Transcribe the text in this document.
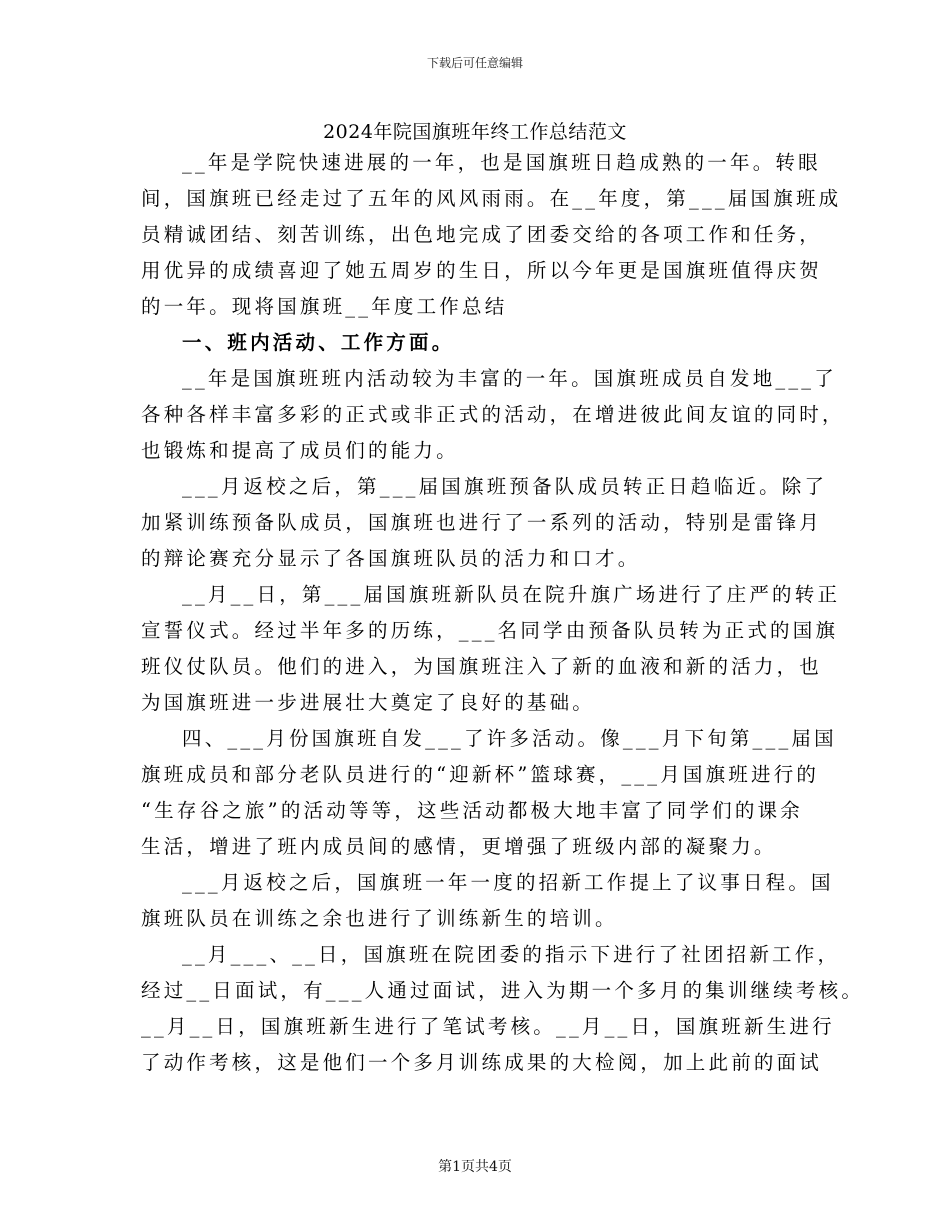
下载后可任意编辑
2024年院国旗班年终工作总结范文
__年是学院快速进展的一年，也是国旗班日趋成熟的一年。转眼
间，国旗班已经走过了五年的风风雨雨。在__年度，第___届国旗班成
员精诚团结、刻苦训练，出色地完成了团委交给的各项工作和任务，
用优异的成绩喜迎了她五周岁的生日，所以今年更是国旗班值得庆贺
的一年。现将国旗班__年度工作总结
一、班内活动、工作方面。
__年是国旗班班内活动较为丰富的一年。国旗班成员自发地___了
各种各样丰富多彩的正式或非正式的活动，在增进彼此间友谊的同时，
也锻炼和提高了成员们的能力。
___月返校之后，第___届国旗班预备队成员转正日趋临近。除了
加紧训练预备队成员，国旗班也进行了一系列的活动，特别是雷锋月
的辩论赛充分显示了各国旗班队员的活力和口才。
__月__日，第___届国旗班新队员在院升旗广场进行了庄严的转正
宣誓仪式。经过半年多的历练，___名同学由预备队员转为正式的国旗
班仪仗队员。他们的进入，为国旗班注入了新的血液和新的活力，也
为国旗班进一步进展壮大奠定了良好的基础。
四、___月份国旗班自发___了许多活动。像___月下旬第___届国
旗班成员和部分老队员进行的“迎新杯”篮球赛，___月国旗班进行的
“生存谷之旅”的活动等等，这些活动都极大地丰富了同学们的课余
生活，增进了班内成员间的感情，更增强了班级内部的凝聚力。
___月返校之后，国旗班一年一度的招新工作提上了议事日程。国
旗班队员在训练之余也进行了训练新生的培训。
__月___、__日，国旗班在院团委的指示下进行了社团招新工作，
经过__日面试，有___人通过面试，进入为期一个多月的集训继续考核。
__月__日，国旗班新生进行了笔试考核。__月__日，国旗班新生进行
了动作考核，这是他们一个多月训练成果的大检阅，加上此前的面试
第1页共4页
